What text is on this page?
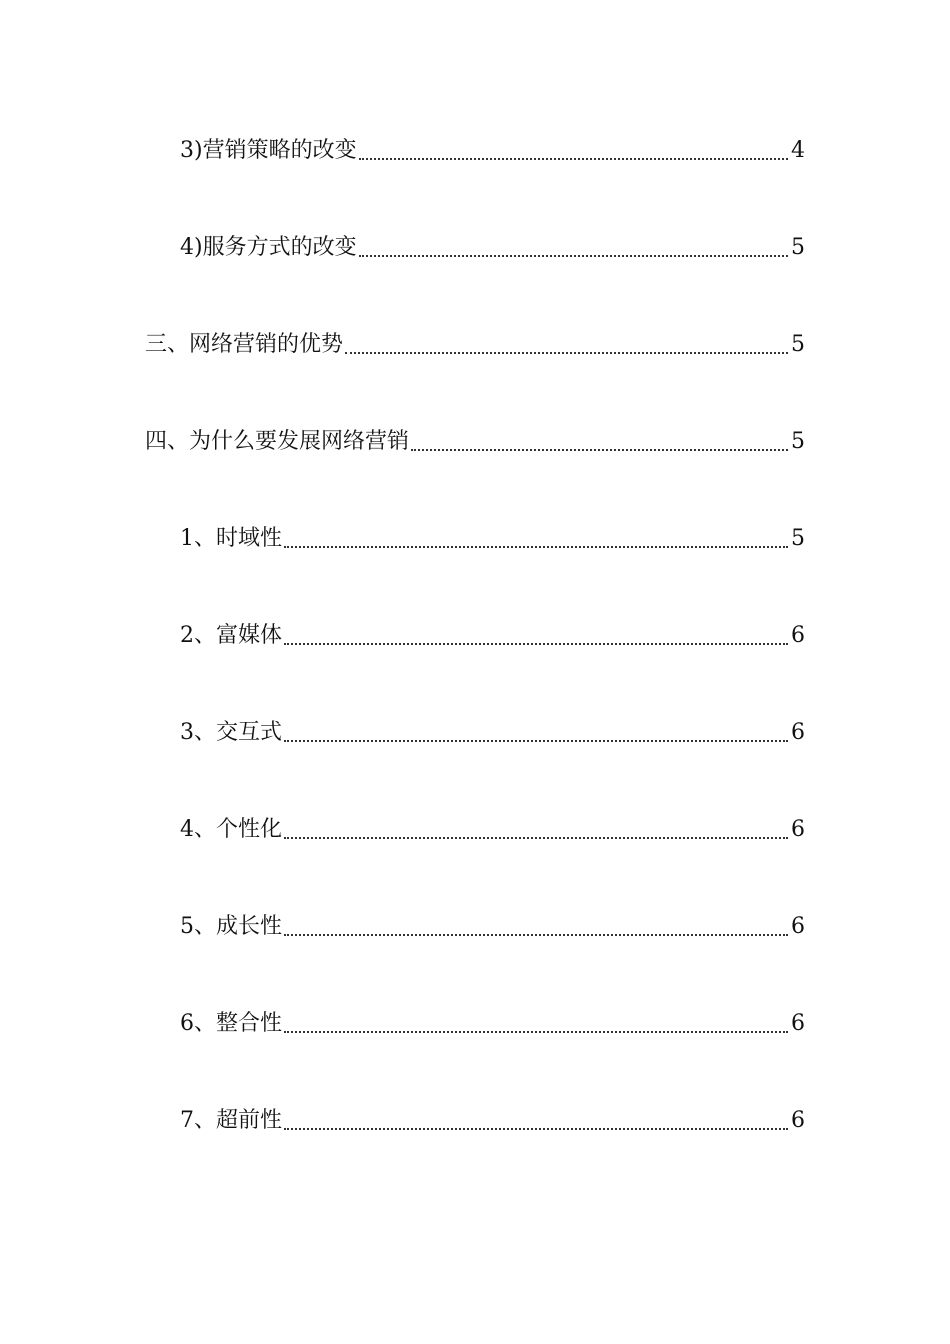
3)营销策略的改变	4
4)服务方式的改变	5
三、网络营销的优势	5
四、为什么要发展网络营销	5
1、时域性	5
2、富媒体	6
3、交互式	6
4、个性化	6
5、成长性	6
6、整合性	6
7、超前性	6
